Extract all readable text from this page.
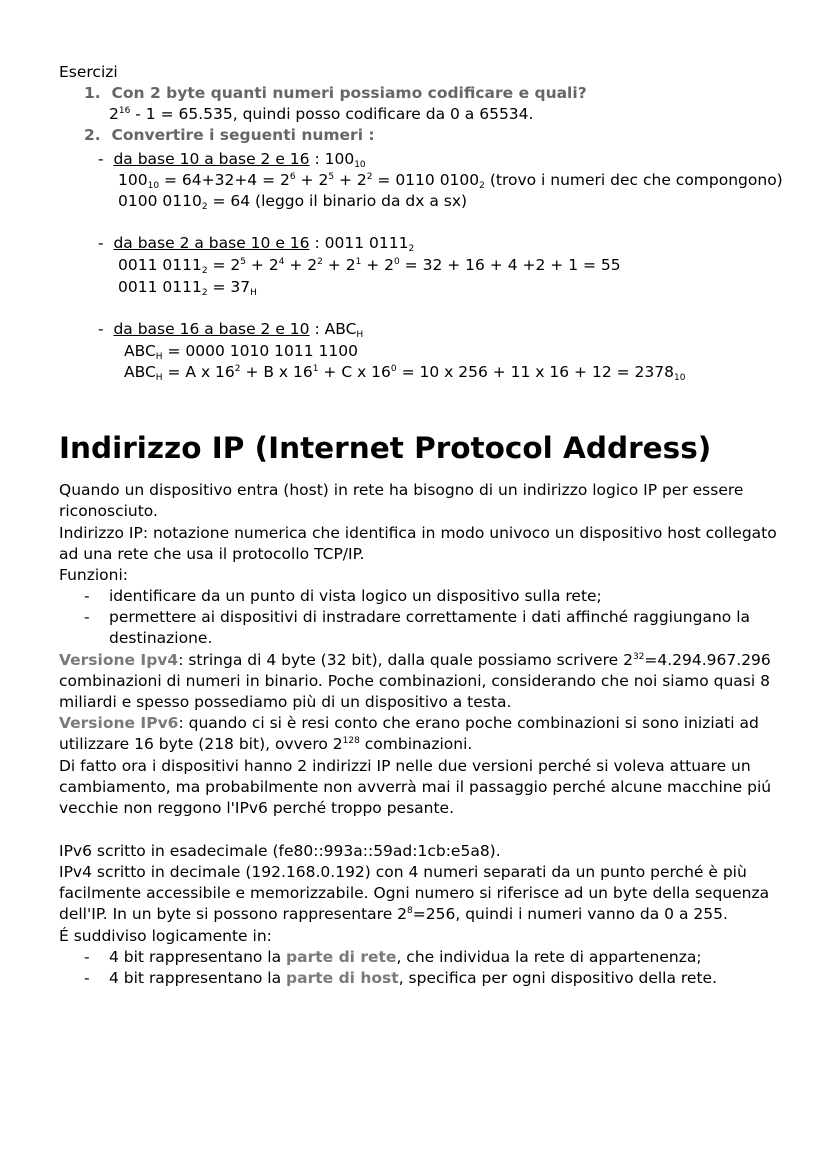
Esercizi
1. Con 2 byte quanti numeri possiamo codificare e quali?
$2^{16} - 1 = 65.535$, quindi posso codificare da 0 a 65534.
2. Convertire i seguenti numeri :
- da base 10 a base 2 e 16 : $100_{10}$
$100_{10} = 64+32+4 = 2^6 + 2^5 + 2^2 = 0110$ $0100_2$ (trovo i numeri dec che compongono)
0100 $0110_2 = 64$ (leggo il binario da dx a sx)
- da base 2 a base 10 e 16 : 0011 $0111_2$
0011 $0111_2 = 2^5 + 2^4 + 2^2 + 2^1 + 2^0 = 32 + 16 + 4 +2 + 1 = 55$
0011 $0111_2 = 37_H$
- da base 16 a base 2 e 10 : $ABC_H$
$ABC_H = 0000$ 1010 1011 1100
$ABC_H = A$ x $16^2 + B$ x $16^1 + C$ x $16^0 = 10$ x 256 + 11 x $16 + 12 = 2378_{10}$
Indirizzo IP (Internet Protocol Address)
Quando un dispositivo entra (host) in rete ha bisogno di un indirizzo logico IP per essere
riconosciuto.
Indirizzo IP: notazione numerica che identifica in modo univoco un dispositivo host collegato
ad una rete che usa il protocollo TCP/IP.
Funzioni:
- identificare da un punto di vista logico un dispositivo sulla rete;
- permettere ai dispositivi di instradare correttamente i dati affinché raggiungano la
destinazione.
Versione Ipv4: stringa di 4 byte (32 bit), dalla quale possiamo scrivere $2^{32}=4.294.967.296$
combinazioni di numeri in binario. Poche combinazioni, considerando che noi siamo quasi 8
miliardi e spesso possediamo più di un dispositivo a testa.
Versione IPv6: quando ci si è resi conto che erano poche combinazioni si sono iniziati ad
utilizzare 16 byte (218 bit), ovvero $2^{128}$ combinazioni.
Di fatto ora i dispositivi hanno 2 indirizzi IP nelle due versioni perché si voleva attuare un
cambiamento, ma probabilmente non avverrà mai il passaggio perché alcune macchine piú
vecchie non reggono l'IPv6 perché troppo pesante.
IPv6 scritto in esadecimale (fe80::993a::59ad:1cb:e5a8).
IPv4 scritto in decimale (192.168.0.192) con 4 numeri separati da un punto perché è più
facilmente accessibile e memorizzabile. Ogni numero si riferisce ad un byte della sequenza
dell'IP. In un byte si possono rappresentare $2^8=256$, quindi i numeri vanno da 0 a 255.
É suddiviso logicamente in:
- 4 bit rappresentano la parte di rete, che individua la rete di appartenenza;
- 4 bit rappresentano la parte di host, specifica per ogni dispositivo della rete.
